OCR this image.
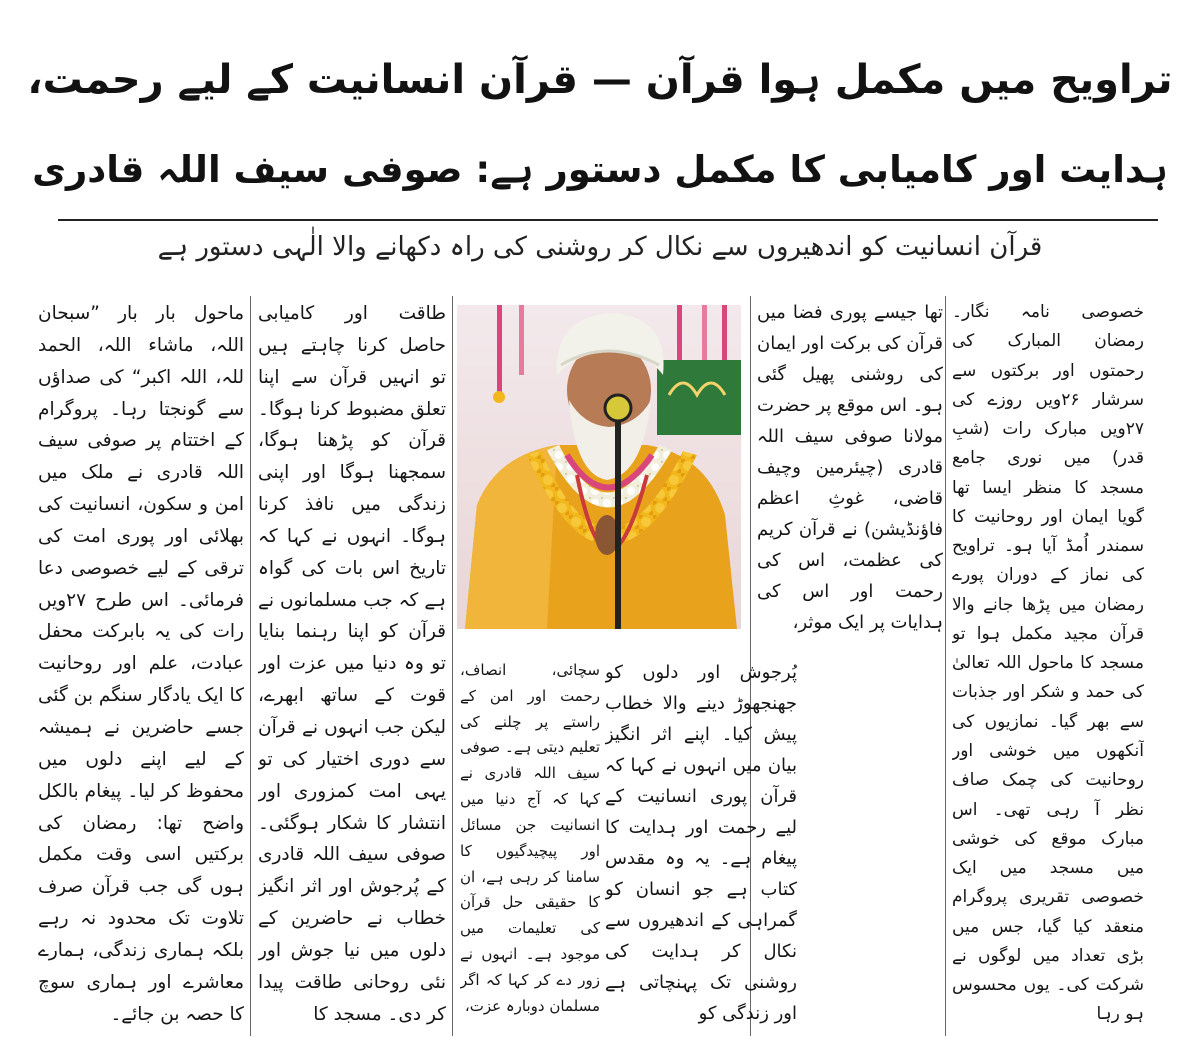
تراویح میں مکمل ہوا قرآن — قرآن انسانیت کے لیے رحمت،
ہدایت اور کامیابی کا مکمل دستور ہے: صوفی سیف اللہ قادری
قرآن انسانیت کو اندھیروں سے نکال کر روشنی کی راہ دکھانے والا الٰہی دستور ہے

خصوصی نامہ نگار۔ رمضان المبارک کی رحمتوں اور برکتوں سے سرشار ۲۶ویں روزے کی ۲۷ویں مبارک رات (شبِ قدر) میں نوری جامع مسجد کا منظر ایسا تھا گویا ایمان اور روحانیت کا سمندر اُمڈ آیا ہو۔ تراویح کی نماز کے دوران پورے رمضان میں پڑھا جانے والا قرآن مجید مکمل ہوا تو مسجد کا ماحول اللہ تعالیٰ کی حمد و شکر اور جذبات سے بھر گیا۔ نمازیوں کی آنکھوں میں خوشی اور روحانیت کی چمک صاف نظر آ رہی تھی۔ اس مبارک موقع کی خوشی میں مسجد میں ایک خصوصی تقریری پروگرام منعقد کیا گیا، جس میں بڑی تعداد میں لوگوں نے شرکت کی۔ یوں محسوس ہو رہا

تھا جیسے پوری فضا میں قرآن کی برکت اور ایمان کی روشنی پھیل گئی ہو۔ اس موقع پر حضرت مولانا صوفی سیف اللہ قادری (چیئرمین وچیف قاضی، غوثِ اعظم فاؤنڈیشن) نے قرآن کریم کی عظمت، اس کی رحمت اور اس کی ہدایات پر ایک موثر،

پُرجوش اور دلوں کو جھنجھوڑ دینے والا خطاب پیش کیا۔ اپنے اثر انگیز بیان میں انہوں نے کہا کہ قرآن پوری انسانیت کے لیے رحمت اور ہدایت کا پیغام ہے۔ یہ وہ مقدس کتاب ہے جو انسان کو گمراہی کے اندھیروں سے نکال کر ہدایت کی روشنی تک پہنچاتی ہے اور زندگی کو

سچائی، انصاف، رحمت اور امن کے راستے پر چلنے کی تعلیم دیتی ہے۔ صوفی سیف اللہ قادری نے کہا کہ آج دنیا میں انسانیت جن مسائل اور پیچیدگیوں کا سامنا کر رہی ہے، ان کا حقیقی حل قرآن کی تعلیمات میں موجود ہے۔ انہوں نے زور دے کر کہا کہ اگر مسلمان دوبارہ عزت،

طاقت اور کامیابی حاصل کرنا چاہتے ہیں تو انہیں قرآن سے اپنا تعلق مضبوط کرنا ہوگا۔ قرآن کو پڑھنا ہوگا، سمجھنا ہوگا اور اپنی زندگی میں نافذ کرنا ہوگا۔ انہوں نے کہا کہ تاریخ اس بات کی گواہ ہے کہ جب مسلمانوں نے قرآن کو اپنا رہنما بنایا تو وہ دنیا میں عزت اور قوت کے ساتھ ابھرے، لیکن جب انہوں نے قرآن سے دوری اختیار کی تو یہی امت کمزوری اور انتشار کا شکار ہوگئی۔ صوفی سیف اللہ قادری کے پُرجوش اور اثر انگیز خطاب نے حاضرین کے دلوں میں نیا جوش اور نئی روحانی طاقت پیدا کر دی۔ مسجد کا

ماحول بار بار ”سبحان اللہ، ماشاء اللہ، الحمد للہ، اللہ اکبر“ کی صداؤں سے گونجتا رہا۔ پروگرام کے اختتام پر صوفی سیف اللہ قادری نے ملک میں امن و سکون، انسانیت کی بھلائی اور پوری امت کی ترقی کے لیے خصوصی دعا فرمائی۔ اس طرح ۲۷ویں رات کی یہ بابرکت محفل عبادت، علم اور روحانیت کا ایک یادگار سنگم بن گئی جسے حاضرین نے ہمیشہ کے لیے اپنے دلوں میں محفوظ کر لیا۔ پیغام بالکل واضح تھا: رمضان کی برکتیں اسی وقت مکمل ہوں گی جب قرآن صرف تلاوت تک محدود نہ رہے بلکہ ہماری زندگی، ہمارے معاشرے اور ہماری سوچ کا حصہ بن جائے۔
